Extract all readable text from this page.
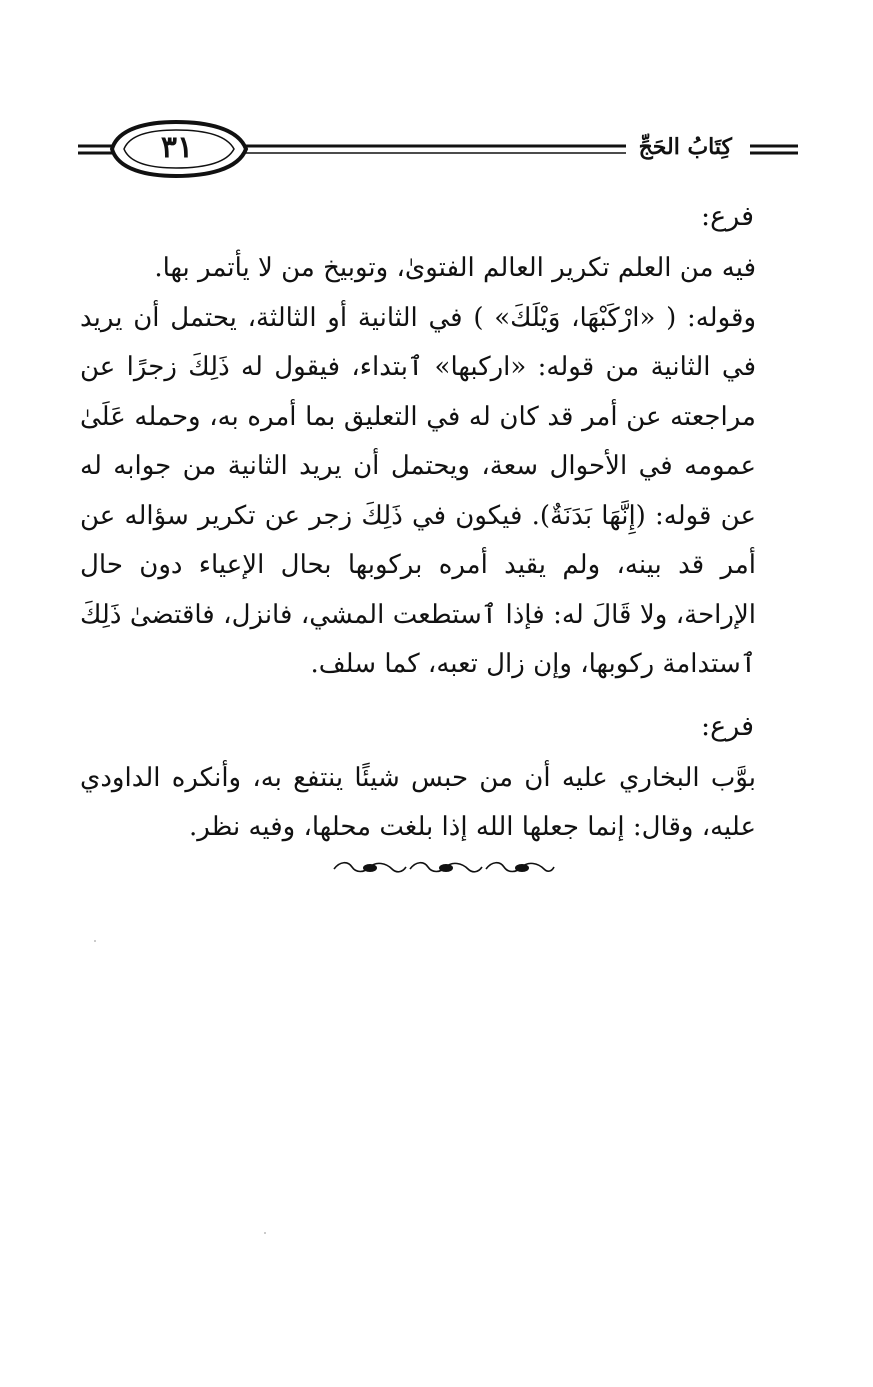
٣١	كِتَابُ الحَجِّ

فرع:

فيه من العلم تكرير العالم الفتوىٰ، وتوبيخ من لا يأتمر بها.

وقوله: ( «ارْكَبْهَا، وَيْلَكَ» ) في الثانية أو الثالثة، يحتمل أن يريد في الثانية من قوله: «اركبها» ٱبتداء، فيقول له ذَلِكَ زجرًا عن مراجعته عن أمر قد كان له في التعليق بما أمره به، وحمله عَلَىٰ عمومه في الأحوال سعة، ويحتمل أن يريد الثانية من جوابه له عن قوله: (إِنَّهَا بَدَنَةٌ). فيكون في ذَلِكَ زجر عن تكرير سؤاله عن أمر قد بينه، ولم يقيد أمره بركوبها بحال الإعياء دون حال الإراحة، ولا قَالَ له: فإذا ٱستطعت المشي، فانزل، فاقتضىٰ ذَلِكَ ٱستدامة ركوبها، وإن زال تعبه، كما سلف.

فرع:

بوَّب البخاري عليه أن من حبس شيئًا ينتفع به، وأنكره الداودي عليه، وقال: إنما جعلها الله إذا بلغت محلها، وفيه نظر.
